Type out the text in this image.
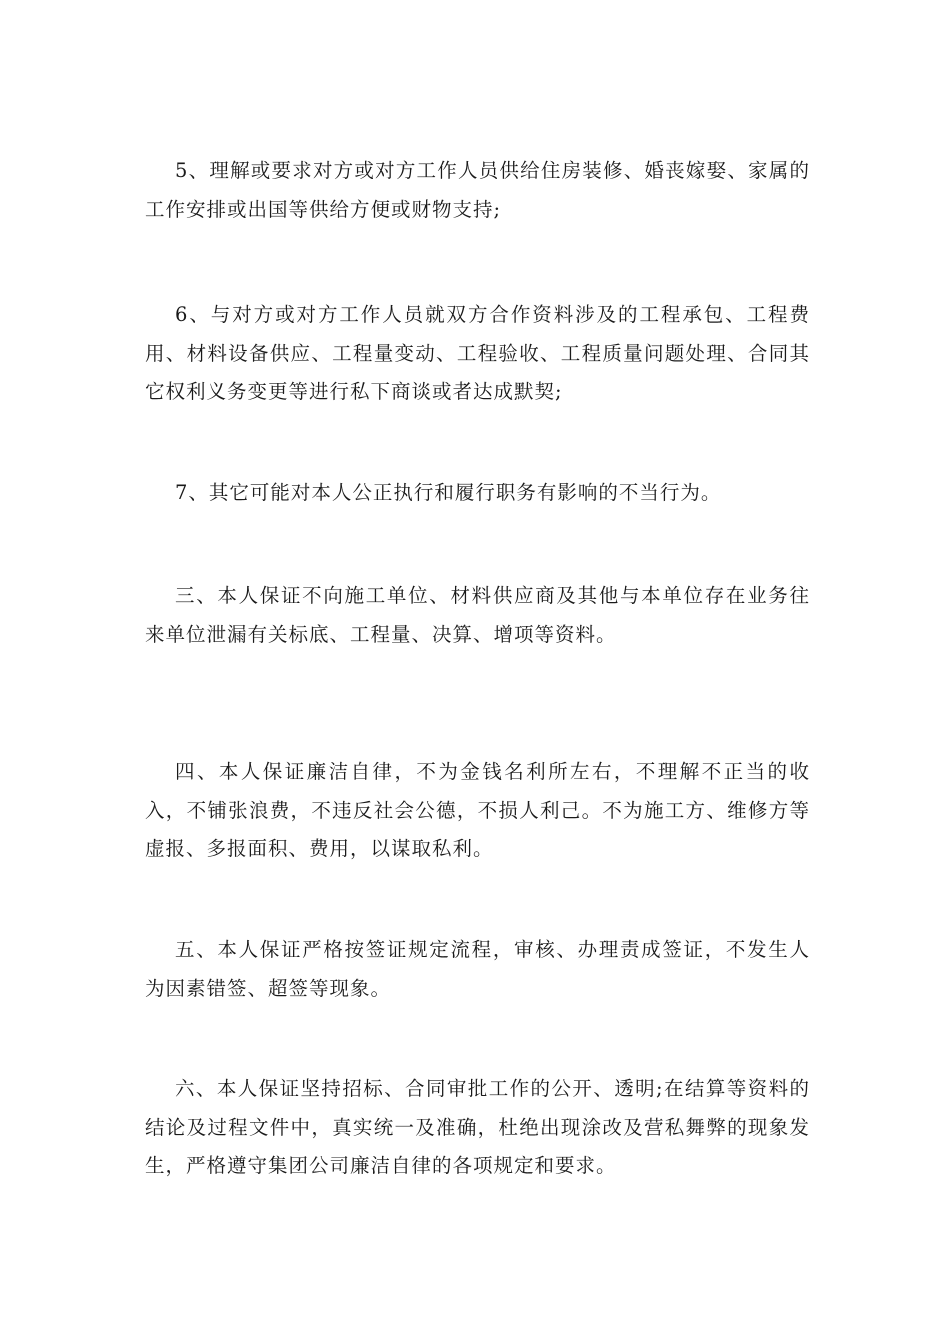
5、理解或要求对方或对方工作人员供给住房装修、婚丧嫁娶、家属的工作安排或出国等供给方便或财物支持;

6、与对方或对方工作人员就双方合作资料涉及的工程承包、工程费用、材料设备供应、工程量变动、工程验收、工程质量问题处理、合同其它权利义务变更等进行私下商谈或者达成默契;

7、其它可能对本人公正执行和履行职务有影响的不当行为。

三、本人保证不向施工单位、材料供应商及其他与本单位存在业务往来单位泄漏有关标底、工程量、决算、增项等资料。

四、本人保证廉洁自律，不为金钱名利所左右，不理解不正当的收入，不铺张浪费，不违反社会公德，不损人利己。不为施工方、维修方等虚报、多报面积、费用，以谋取私利。

五、本人保证严格按签证规定流程，审核、办理责成签证，不发生人为因素错签、超签等现象。

六、本人保证坚持招标、合同审批工作的公开、透明;在结算等资料的结论及过程文件中，真实统一及准确，杜绝出现涂改及营私舞弊的现象发生，严格遵守集团公司廉洁自律的各项规定和要求。
